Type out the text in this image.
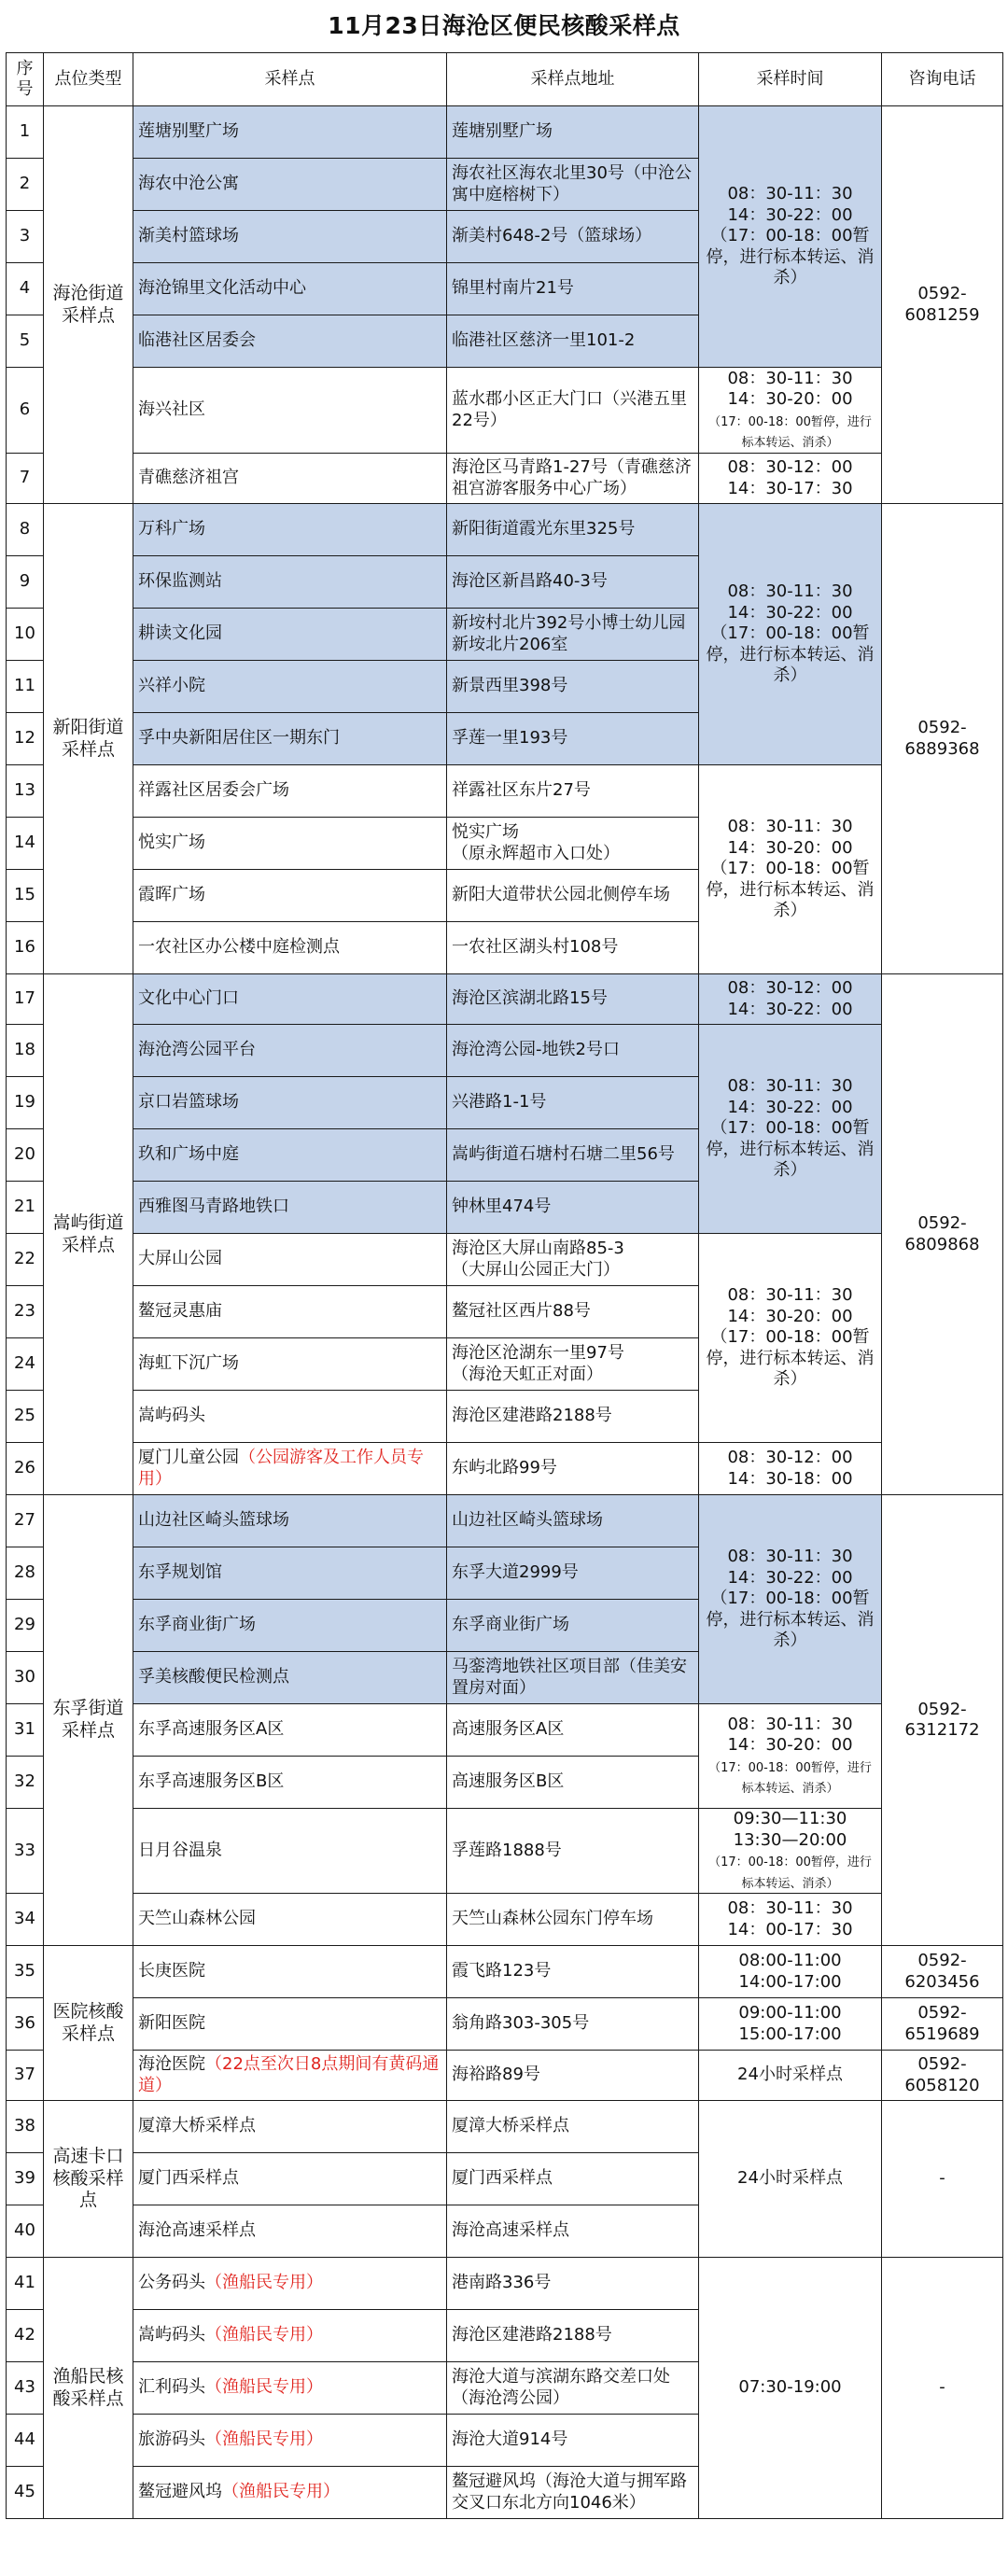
11月23日海沧区便民核酸采样点
序号	点位类型	采样点	采样点地址	采样时间	咨询电话
1	海沧街道采样点	莲塘别墅广场	莲塘别墅广场	08：30-11：30
14：30-22：00
（17：00-18：00暂停，进行标本转运、消杀）	0592-6081259
2		海农中沧公寓	海农社区海农北里30号（中沧公寓中庭榕树下）		
3		渐美村篮球场	渐美村648-2号（篮球场）		
4		海沧锦里文化活动中心	锦里村南片21号		
5		临港社区居委会	临港社区慈济一里101-2		
6		海兴社区	蓝水郡小区正大门口（兴港五里22号）	08：30-11：30
14：30-20：00
（17：00-18：00暂停，进行标本转运、消杀）	
7		青礁慈济祖宫	海沧区马青路1-27号（青礁慈济祖宫游客服务中心广场）	08：30-12：00
14：30-17：30	
8	新阳街道采样点	万科广场	新阳街道霞光东里325号	08：30-11：30
14：30-22：00
（17：00-18：00暂停，进行标本转运、消杀）	0592-6889368
9		环保监测站	海沧区新昌路40-3号		
10		耕读文化园	新垵村北片392号小博士幼儿园新垵北片206室		
11		兴祥小院	新景西里398号		
12		孚中央新阳居住区一期东门	孚莲一里193号		
13		祥露社区居委会广场	祥露社区东片27号	08：30-11：30
14：30-20：00
（17：00-18：00暂停，进行标本转运、消杀）	
14		悦实广场	悦实广场
（原永辉超市入口处）		
15		霞晖广场	新阳大道带状公园北侧停车场		
16		一农社区办公楼中庭检测点	一农社区湖头村108号		
17	嵩屿街道采样点	文化中心门口	海沧区滨湖北路15号	08：30-12：00
14：30-22：00	0592-6809868
18		海沧湾公园平台	海沧湾公园-地铁2号口	08：30-11：30
14：30-22：00
（17：00-18：00暂停，进行标本转运、消杀）	
19		京口岩篮球场	兴港路1-1号		
20		玖和广场中庭	嵩屿街道石塘村石塘二里56号		
21		西雅图马青路地铁口	钟林里474号		
22		大屏山公园	海沧区大屏山南路85-3
（大屏山公园正大门）	08：30-11：30
14：30-20：00
（17：00-18：00暂停，进行标本转运、消杀）	
23		鳌冠灵惠庙	鳌冠社区西片88号		
24		海虹下沉广场	海沧区沧湖东一里97号
（海沧天虹正对面）		
25		嵩屿码头	海沧区建港路2188号		
26		厦门儿童公园（公园游客及工作人员专用）	东屿北路99号	08：30-12：00
14：30-18：00	
27	东孚街道采样点	山边社区崎头篮球场	山边社区崎头篮球场	08：30-11：30
14：30-22：00
（17：00-18：00暂停，进行标本转运、消杀）	0592-6312172
28		东孚规划馆	东孚大道2999号		
29		东孚商业街广场	东孚商业街广场		
30		孚美核酸便民检测点	马銮湾地铁社区项目部（佳美安置房对面）		
31		东孚高速服务区A区	高速服务区A区	08：30-11：30
14：30-20：00
（17：00-18：00暂停，进行标本转运、消杀）	
32		东孚高速服务区B区	高速服务区B区		
33		日月谷温泉	孚莲路1888号	09:30—11:30
13:30—20:00
（17：00-18：00暂停，进行标本转运、消杀）	
34		天竺山森林公园	天竺山森林公园东门停车场	08：30-11：30
14：00-17：30	
35	医院核酸采样点	长庚医院	霞飞路123号	08:00-11:00
14:00-17:00	0592-6203456
36		新阳医院	翁角路303-305号	09:00-11:00
15:00-17:00	0592-6519689
37		海沧医院（22点至次日8点期间有黄码通道）	海裕路89号	24小时采样点	0592-6058120
38	高速卡口核酸采样点	厦漳大桥采样点	厦漳大桥采样点	24小时采样点	-
39		厦门西采样点	厦门西采样点		
40		海沧高速采样点	海沧高速采样点		
41	渔船民核酸采样点	公务码头（渔船民专用）	港南路336号	07:30-19:00	-
42		嵩屿码头（渔船民专用）	海沧区建港路2188号		
43		汇利码头（渔船民专用）	海沧大道与滨湖东路交差口处（海沧湾公园）		
44		旅游码头（渔船民专用）	海沧大道914号		
45		鳌冠避风坞（渔船民专用）	鳌冠避风坞（海沧大道与拥军路交叉口东北方向1046米）		
